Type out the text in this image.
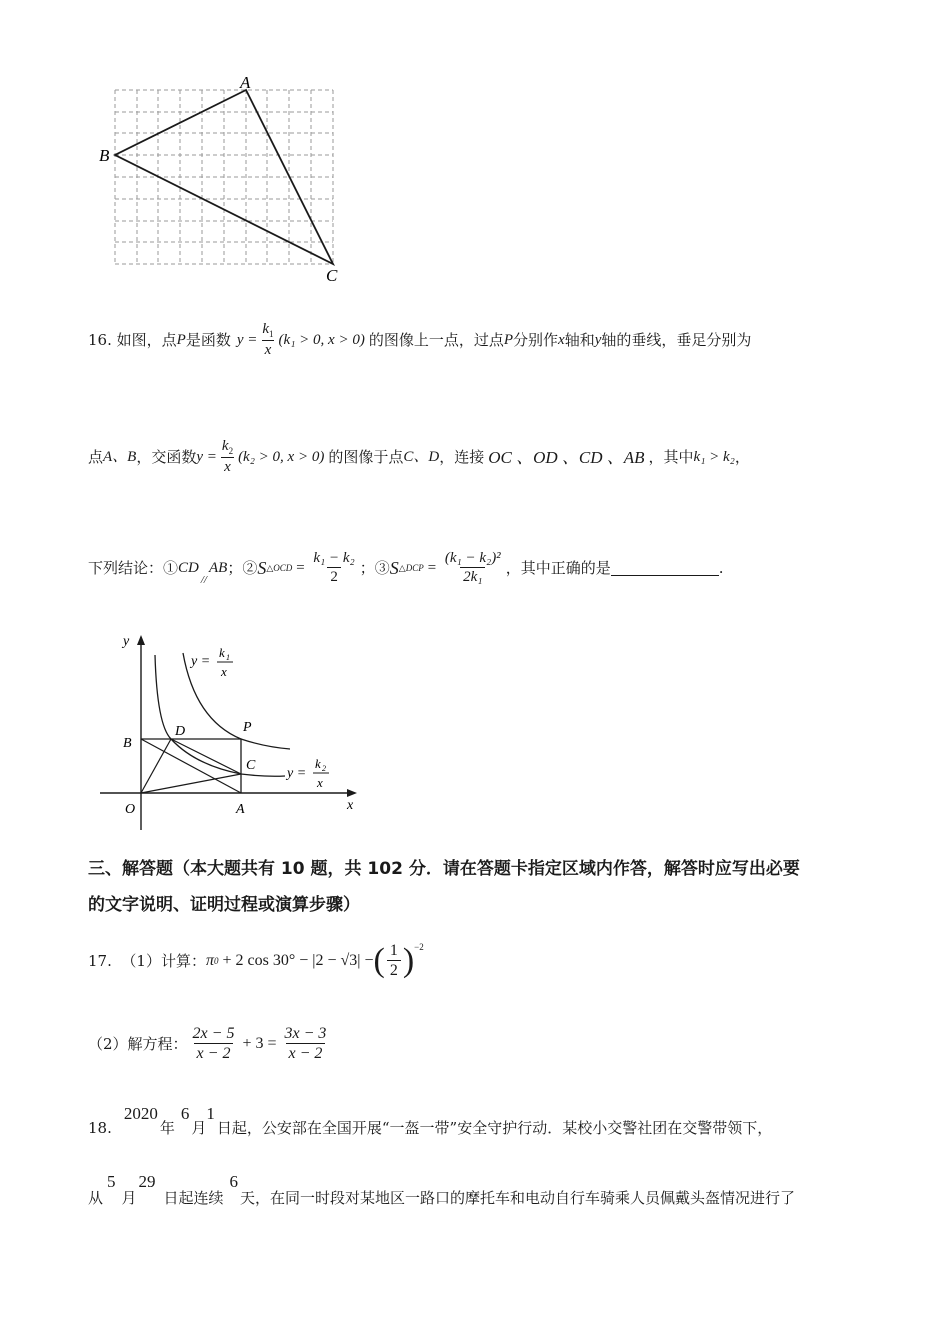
A
B
C
16.
如图，点 P 是函数 $y = \frac{k_1}{x} (k_1 > 0$, x > 0) 的图像上一点，过点 P 分别作 x 轴和 y 轴的垂线，垂足分别为
点 A、B ，交函数 $y = \frac{k_2}{x} (k_2 > 0$, x > 0) 的图像于点 C、D ，连接 OC 、OD 、CD 、AB ，其中 k₁ > k₂ ，
下列结论：① CD
//
AB ；② S △OCD = $\frac{\text{k₁ − k₂}}{2}$ ；③ S △DCP = $\frac{\text{(k₁ − k₂)²}}{\text{2k₁}}$ ，其中正确的是	.
y
x
O	A
B
C
D	P
y =
k 1
x
y =
k 2
x
三、解答题（本大题共有 10 题，共 102 分．请在答题卡指定区域内作答，解答时应写出必要
的文字说明、证明过程或演算步骤）
17.
（1）计算： π 0 + 2 cos 30° − |2 − √3| − ( $\frac{1}{2} )^{-2}$
（2）解方程： $\frac{2x - 5}{x - 2} + 3 = \frac{3x - 3}{x - 2}$
18.
2020
年
6
月
1
日起，公安部在全国开展“一盔一带”安全守护行动．某校小交警社团在交警带领下，
从
5
月
29
日起连续
6
天，在同一时段对某地区一路口的摩托车和电动自行车骑乘人员佩戴头盔情况进行了
